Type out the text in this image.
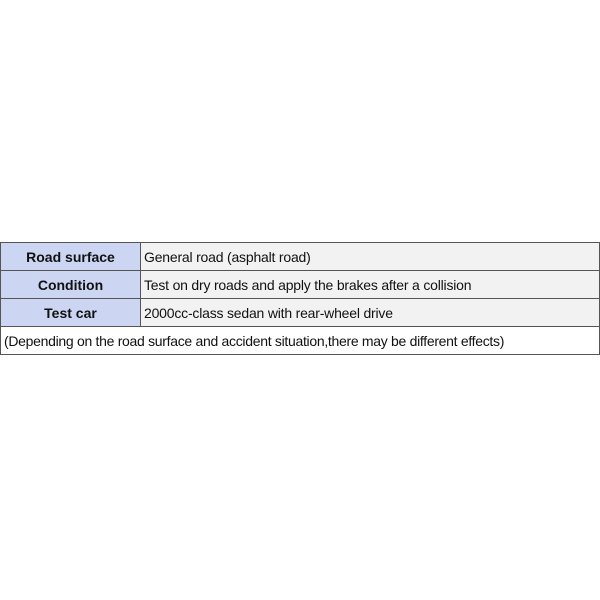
Road surface	General road (asphalt road)
Condition	Test on dry roads and apply the brakes after a collision
Test car	2000cc-class sedan with rear-wheel drive
(Depending on the road surface and accident situation,there may be different effects)	
